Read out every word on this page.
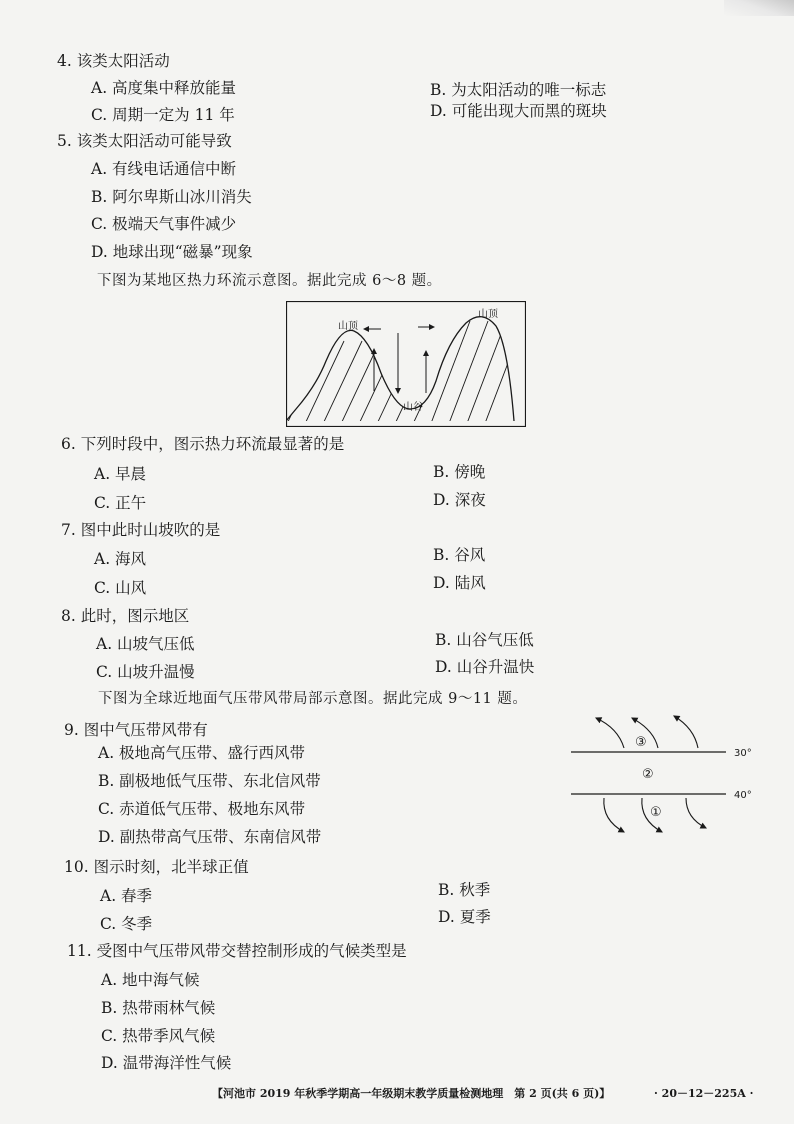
4. 该类太阳活动
A. 高度集中释放能量	B. 为太阳活动的唯一标志
C. 周期一定为 11 年	D. 可能出现大而黑的斑块
5. 该类太阳活动可能导致
A. 有线电话通信中断
B. 阿尔卑斯山冰川消失
C. 极端天气事件减少
D. 地球出现“磁暴”现象
下图为某地区热力环流示意图。据此完成 6～8 题。
山顶
山顶
山谷
6. 下列时段中，图示热力环流最显著的是
A. 早晨	B. 傍晚
C. 正午	D. 深夜
7. 图中此时山坡吹的是
A. 海风	B. 谷风
C. 山风	D. 陆风
8. 此时，图示地区
A. 山坡气压低	B. 山谷气压低
C. 山坡升温慢	D. 山谷升温快
下图为全球近地面气压带风带局部示意图。据此完成 9～11 题。
30°
40°
③
②
①
9. 图中气压带风带有
A. 极地高气压带、盛行西风带
B. 副极地低气压带、东北信风带
C. 赤道低气压带、极地东风带
D. 副热带高气压带、东南信风带
10. 图示时刻，北半球正值
A. 春季	B. 秋季
C. 冬季	D. 夏季
11. 受图中气压带风带交替控制形成的气候类型是
A. 地中海气候
B. 热带雨林气候
C. 热带季风气候
D. 温带海洋性气候
【河池市 2019 年秋季学期高一年级期末教学质量检测地理　第 2 页(共 6 页)】	· 20－12－225A ·
